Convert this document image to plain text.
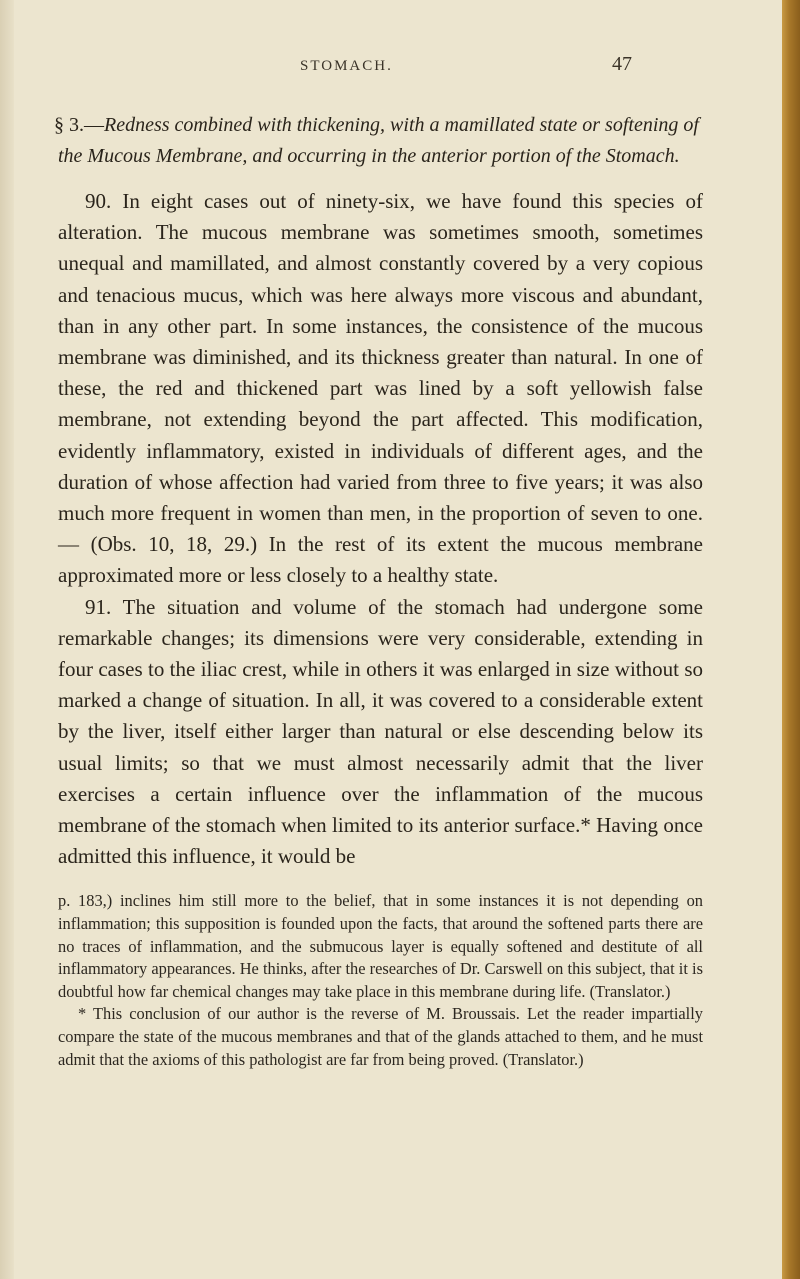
STOMACH.	47

§ 3.—Redness combined with thickening, with a mamillated state or softening of the Mucous Membrane, and occurring in the anterior portion of the Stomach.

90. In eight cases out of ninety-six, we have found this species of alteration. The mucous membrane was sometimes smooth, sometimes unequal and mamillated, and almost constantly covered by a very copious and tenacious mucus, which was here always more viscous and abundant, than in any other part. In some instances, the consistence of the mucous membrane was diminished, and its thickness greater than natural. In one of these, the red and thickened part was lined by a soft yellowish false membrane, not extending beyond the part affected. This modification, evidently inflammatory, existed in individuals of different ages, and the duration of whose affection had varied from three to five years; it was also much more frequent in women than men, in the proportion of seven to one.— (Obs. 10, 18, 29.) In the rest of its extent the mucous membrane approximated more or less closely to a healthy state.

91. The situation and volume of the stomach had undergone some remarkable changes; its dimensions were very considerable, extending in four cases to the iliac crest, while in others it was enlarged in size without so marked a change of situation. In all, it was covered to a considerable extent by the liver, itself either larger than natural or else descending below its usual limits; so that we must almost necessarily admit that the liver exercises a certain influence over the inflammation of the mucous membrane of the stomach when limited to its anterior surface.* Having once admitted this influence, it would be

p. 183,) inclines him still more to the belief, that in some instances it is not depending on inflammation; this supposition is founded upon the facts, that around the softened parts there are no traces of inflammation, and the submucous layer is equally softened and destitute of all inflammatory appearances. He thinks, after the researches of Dr. Carswell on this subject, that it is doubtful how far chemical changes may take place in this membrane during life. (Translator.)

* This conclusion of our author is the reverse of M. Broussais. Let the reader impartially compare the state of the mucous membranes and that of the glands attached to them, and he must admit that the axioms of this pathologist are far from being proved. (Translator.)
